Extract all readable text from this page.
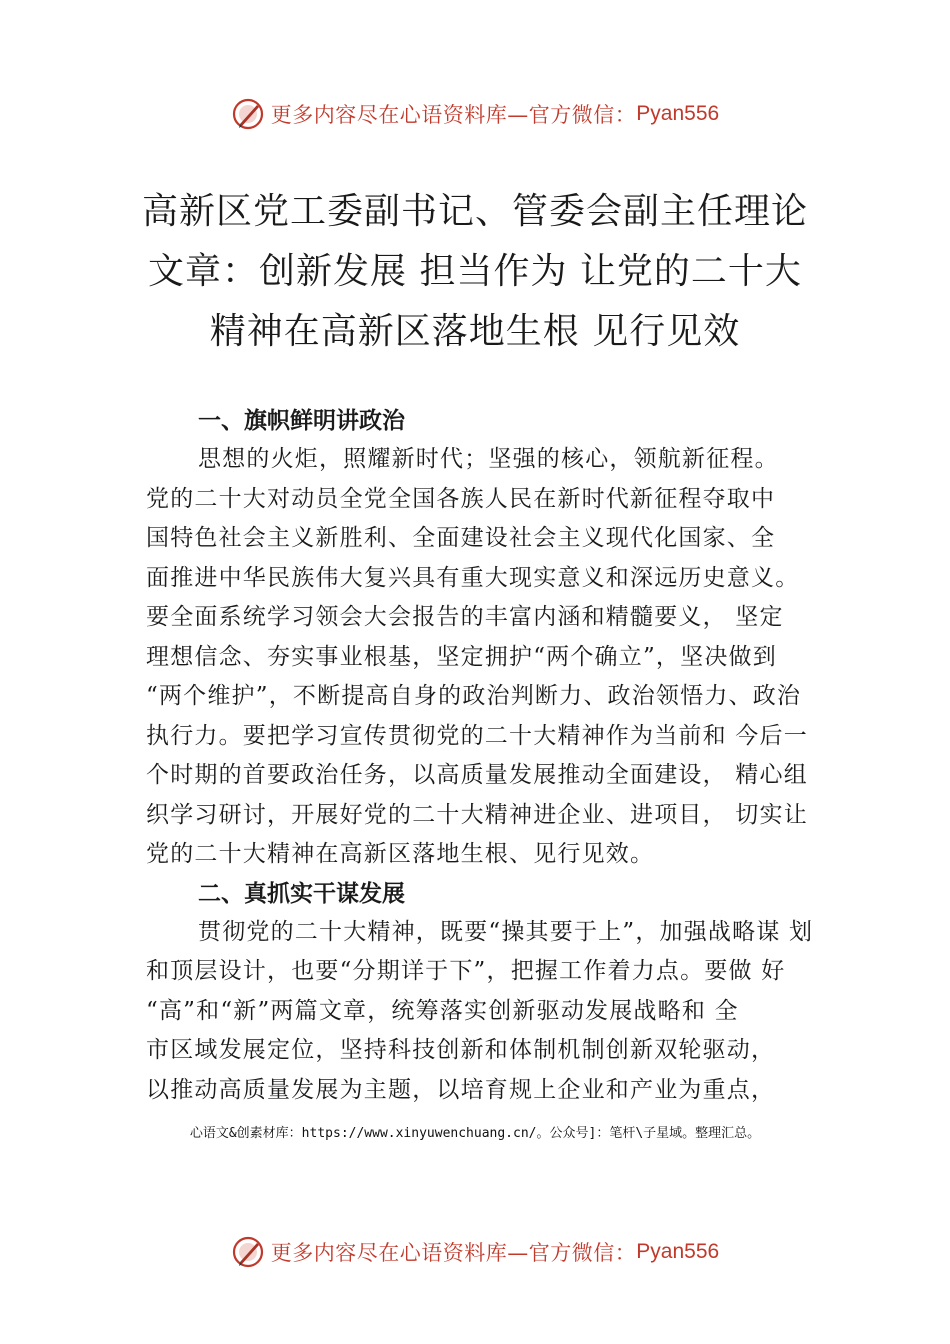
更多内容尽在心语资料库—官方微信： Pyan556
高新区党工委副书记、管委会副主任理论
文章：创新发展 担当作为 让党的二十大
精神在高新区落地生根 见行见效

一、旗帜鲜明讲政治

思想的火炬，照耀新时代；坚强的核心，领航新征程。
党的二十大对动员全党全国各族人民在新时代新征程夺取中
国特色社会主义新胜利、全面建设社会主义现代化国家、全
面推进中华民族伟大复兴具有重大现实意义和深远历史意义。
要全面系统学习领会大会报告的丰富内涵和精髓要义， 坚定
理想信念、夯实事业根基，坚定拥护“两个确立”，坚决做到
“两个维护”，不断提高自身的政治判断力、政治领悟力、政治
执行力。要把学习宣传贯彻党的二十大精神作为当前和 今后一
个时期的首要政治任务，以高质量发展推动全面建设， 精心组
织学习研讨，开展好党的二十大精神进企业、进项目， 切实让
党的二十大精神在高新区落地生根、见行见效。

二、真抓实干谋发展

贯彻党的二十大精神，既要“操其要于上”，加强战略谋 划
和顶层设计，也要“分期详于下”，把握工作着力点。要做 好
“高”和“新”两篇文章，统筹落实创新驱动发展战略和 全
市区域发展定位，坚持科技创新和体制机制创新双轮驱动，
以推动高质量发展为主题，以培育规上企业和产业为重点，

心语文&创素材库：https://www.xinyuwenchuang.cn/。公众号]：笔杆\子星域。整理汇总。
更多内容尽在心语资料库—官方微信： Pyan556
